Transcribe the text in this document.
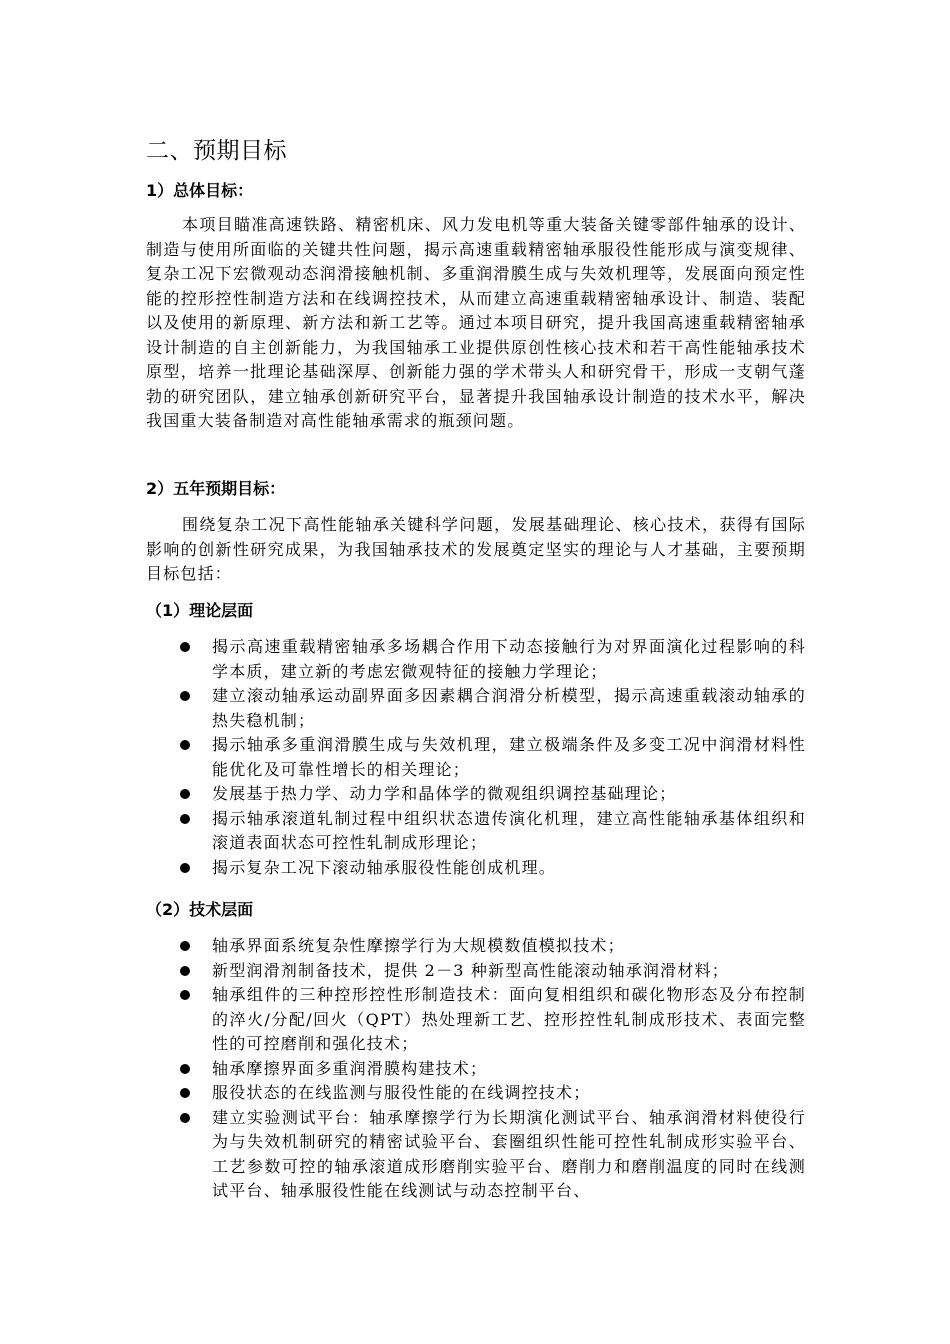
二、预期目标
1）总体目标：

本项目瞄准高速铁路、精密机床、风力发电机等重大装备关键零部件轴承的设计、制造与使用所面临的关键共性问题，揭示高速重载精密轴承服役性能形成与演变规律、复杂工况下宏微观动态润滑接触机制、多重润滑膜生成与失效机理等，发展面向预定性能的控形控性制造方法和在线调控技术，从而建立高速重载精密轴承设计、制造、装配以及使用的新原理、新方法和新工艺等。通过本项目研究，提升我国高速重载精密轴承设计制造的自主创新能力，为我国轴承工业提供原创性核心技术和若干高性能轴承技术原型，培养一批理论基础深厚、创新能力强的学术带头人和研究骨干，形成一支朝气蓬勃的研究团队，建立轴承创新研究平台，显著提升我国轴承设计制造的技术水平，解决我国重大装备制造对高性能轴承需求的瓶颈问题。

2）五年预期目标：

围绕复杂工况下高性能轴承关键科学问题，发展基础理论、核心技术，获得有国际影响的创新性研究成果，为我国轴承技术的发展奠定坚实的理论与人才基础，主要预期目标包括：

（1）理论层面
揭示高速重载精密轴承多场耦合作用下动态接触行为对界面演化过程影响的科学本质，建立新的考虑宏微观特征的接触力学理论；
建立滚动轴承运动副界面多因素耦合润滑分析模型，揭示高速重载滚动轴承的热失稳机制；
揭示轴承多重润滑膜生成与失效机理，建立极端条件及多变工况中润滑材料性能优化及可靠性增长的相关理论；
发展基于热力学、动力学和晶体学的微观组织调控基础理论；
揭示轴承滚道轧制过程中组织状态遗传演化机理，建立高性能轴承基体组织和滚道表面状态可控性轧制成形理论；
揭示复杂工况下滚动轴承服役性能创成机理。
（2）技术层面
轴承界面系统复杂性摩擦学行为大规模数值模拟技术；
新型润滑剂制备技术，提供 2－3 种新型高性能滚动轴承润滑材料；
轴承组件的三种控形控性形制造技术：面向复相组织和碳化物形态及分布控制的淬火/分配/回火（QPT）热处理新工艺、控形控性轧制成形技术、表面完整性的可控磨削和强化技术；
轴承摩擦界面多重润滑膜构建技术；
服役状态的在线监测与服役性能的在线调控技术；
建立实验测试平台：轴承摩擦学行为长期演化测试平台、轴承润滑材料使役行为与失效机制研究的精密试验平台、套圈组织性能可控性轧制成形实验平台、工艺参数可控的轴承滚道成形磨削实验平台、磨削力和磨削温度的同时在线测试平台、轴承服役性能在线测试与动态控制平台、
